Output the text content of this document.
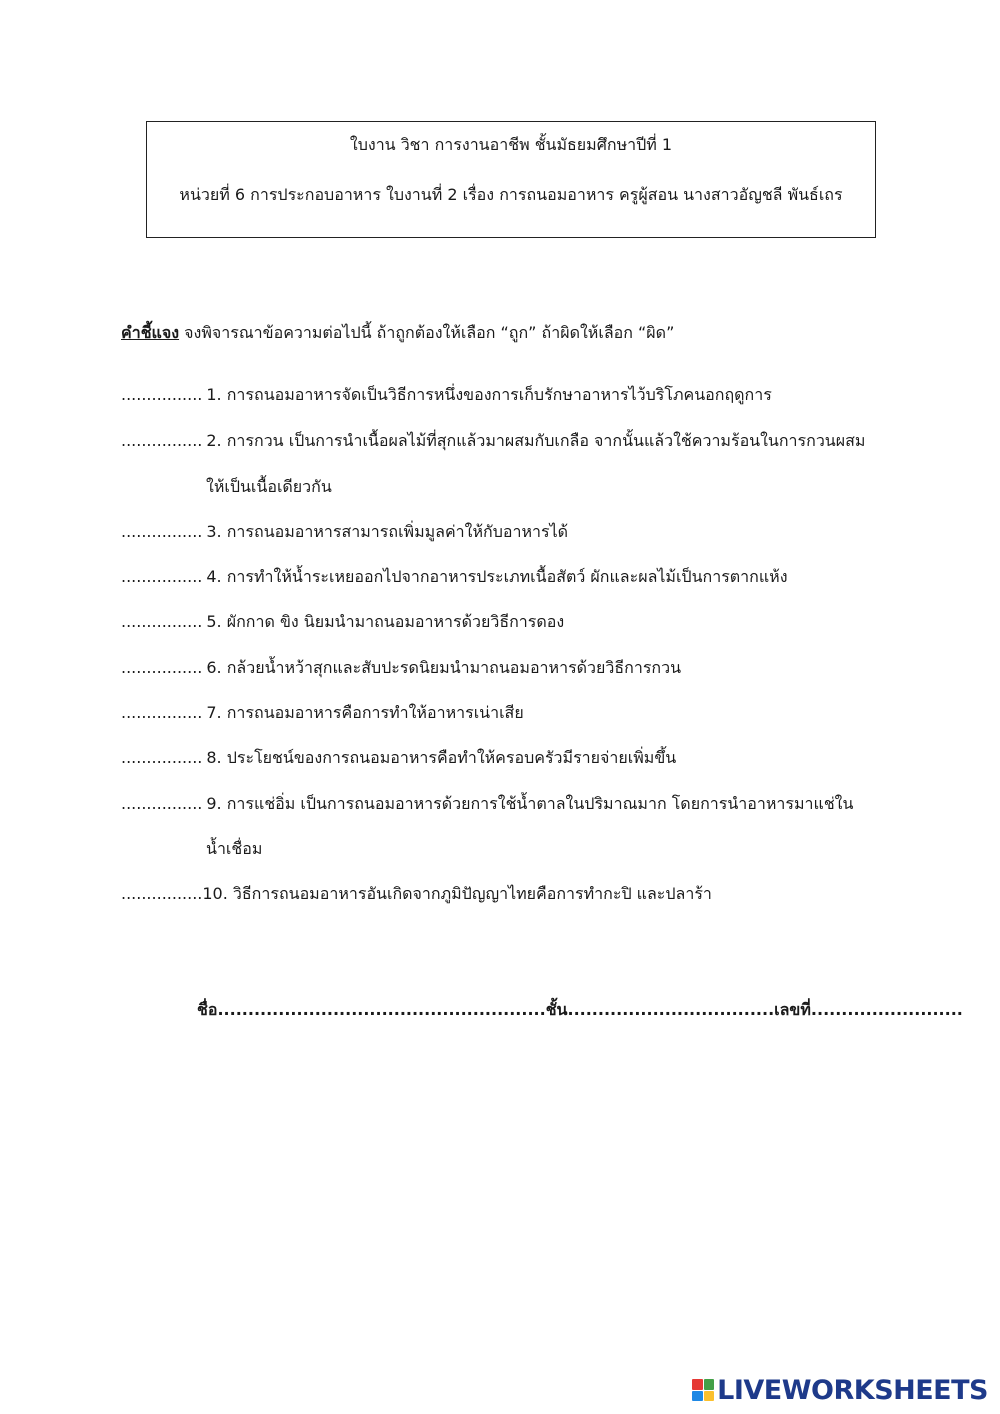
ใบงาน วิชา การงานอาชีพ ชั้นมัธยมศึกษาปีที่ 1
หน่วยที่ 6 การประกอบอาหาร ใบงานที่ 2 เรื่อง การถนอมอาหาร ครูผู้สอน นางสาวอัญชลี พันธ์เถร
คำชี้แจง จงพิจารณาข้อความต่อไปนี้ ถ้าถูกต้องให้เลือก “ถูก” ถ้าผิดให้เลือก “ผิด”
................ 1. การถนอมอาหารจัดเป็นวิธีการหนึ่งของการเก็บรักษาอาหารไว้บริโภคนอกฤดูการ
................ 2. การกวน เป็นการนำเนื้อผลไม้ที่สุกแล้วมาผสมกับเกลือ จากนั้นแล้วใช้ความร้อนในการกวนผสม
ให้เป็นเนื้อเดียวกัน
................ 3. การถนอมอาหารสามารถเพิ่มมูลค่าให้กับอาหารได้
................ 4. การทำให้น้ำระเหยออกไปจากอาหารประเภทเนื้อสัตว์ ผักและผลไม้เป็นการตากแห้ง
................ 5. ผักกาด ขิง นิยมนำมาถนอมอาหารด้วยวิธีการดอง
................ 6. กล้วยน้ำหว้าสุกและสับปะรดนิยมนำมาถนอมอาหารด้วยวิธีการกวน
................ 7. การถนอมอาหารคือการทำให้อาหารเน่าเสีย
................ 8. ประโยชน์ของการถนอมอาหารคือทำให้ครอบครัวมีรายจ่ายเพิ่มขึ้น
................ 9. การแช่อิ่ม เป็นการถนอมอาหารด้วยการใช้น้ำตาลในปริมาณมาก โดยการนำอาหารมาแช่ใน
น้ำเชื่อม
................10. วิธีการถนอมอาหารอันเกิดจากภูมิปัญญาไทยคือการทำกะปิ และปลาร้า
ชื่อ......................................................ชั้น..................................เลขที่.........................
LIVEWORKSHEETS
